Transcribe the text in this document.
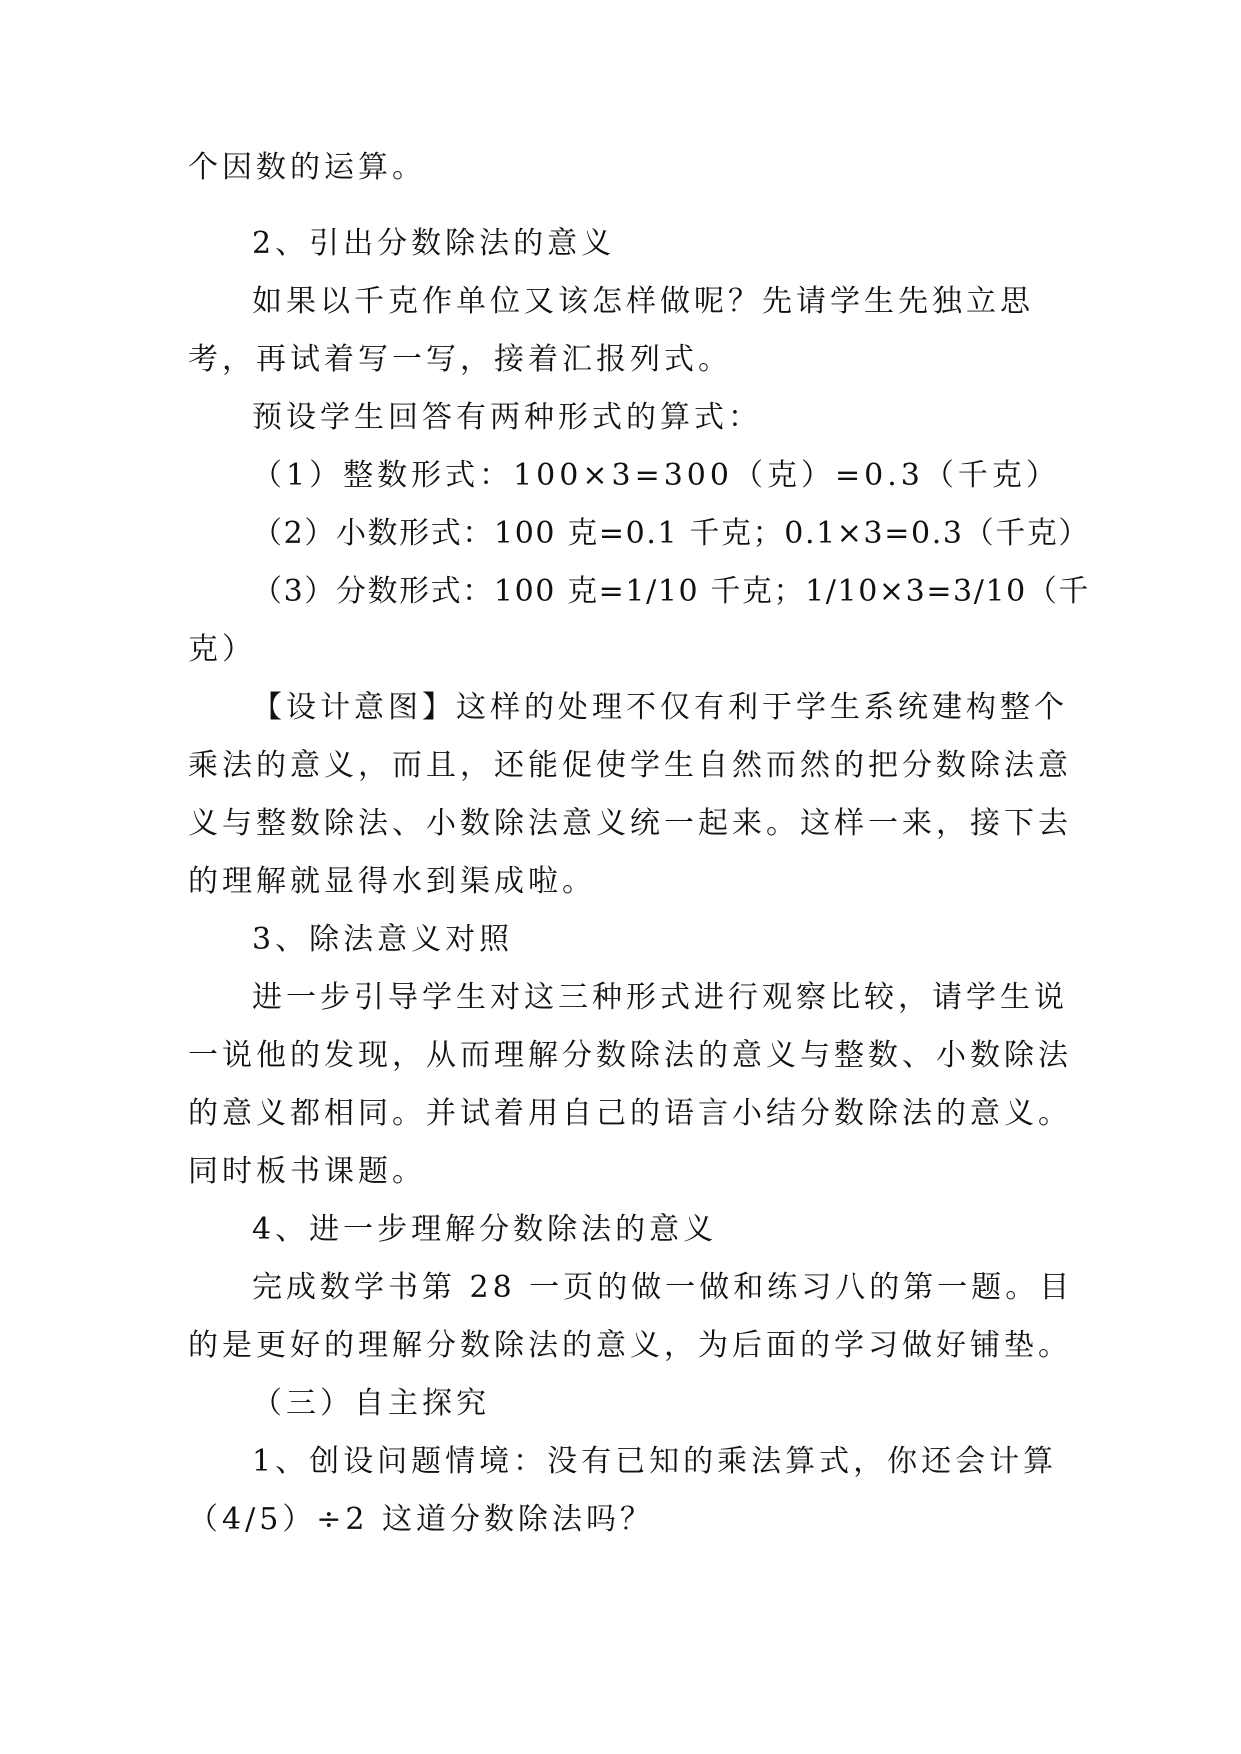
个因数的运算。
2、引出分数除法的意义
如果以千克作单位又该怎样做呢？先请学生先独立思
考，再试着写一写，接着汇报列式。
预设学生回答有两种形式的算式：
（1）整数形式：100×3=300（克）=0.3（千克）
（2）小数形式：100 克=0.1 千克；0.1×3=0.3（千克）
（3）分数形式：100 克=1/10 千克；1/10×3=3/10（千
克）
【设计意图】这样的处理不仅有利于学生系统建构整个
乘法的意义，而且，还能促使学生自然而然的把分数除法意
义与整数除法、小数除法意义统一起来。这样一来，接下去
的理解就显得水到渠成啦。
3、除法意义对照
进一步引导学生对这三种形式进行观察比较，请学生说
一说他的发现，从而理解分数除法的意义与整数、小数除法
的意义都相同。并试着用自己的语言小结分数除法的意义。
同时板书课题。
4、进一步理解分数除法的意义
完成数学书第 28 一页的做一做和练习八的第一题。目
的是更好的理解分数除法的意义，为后面的学习做好铺垫。
（三）自主探究
1、创设问题情境：没有已知的乘法算式，你还会计算
（4/5）÷2 这道分数除法吗？
